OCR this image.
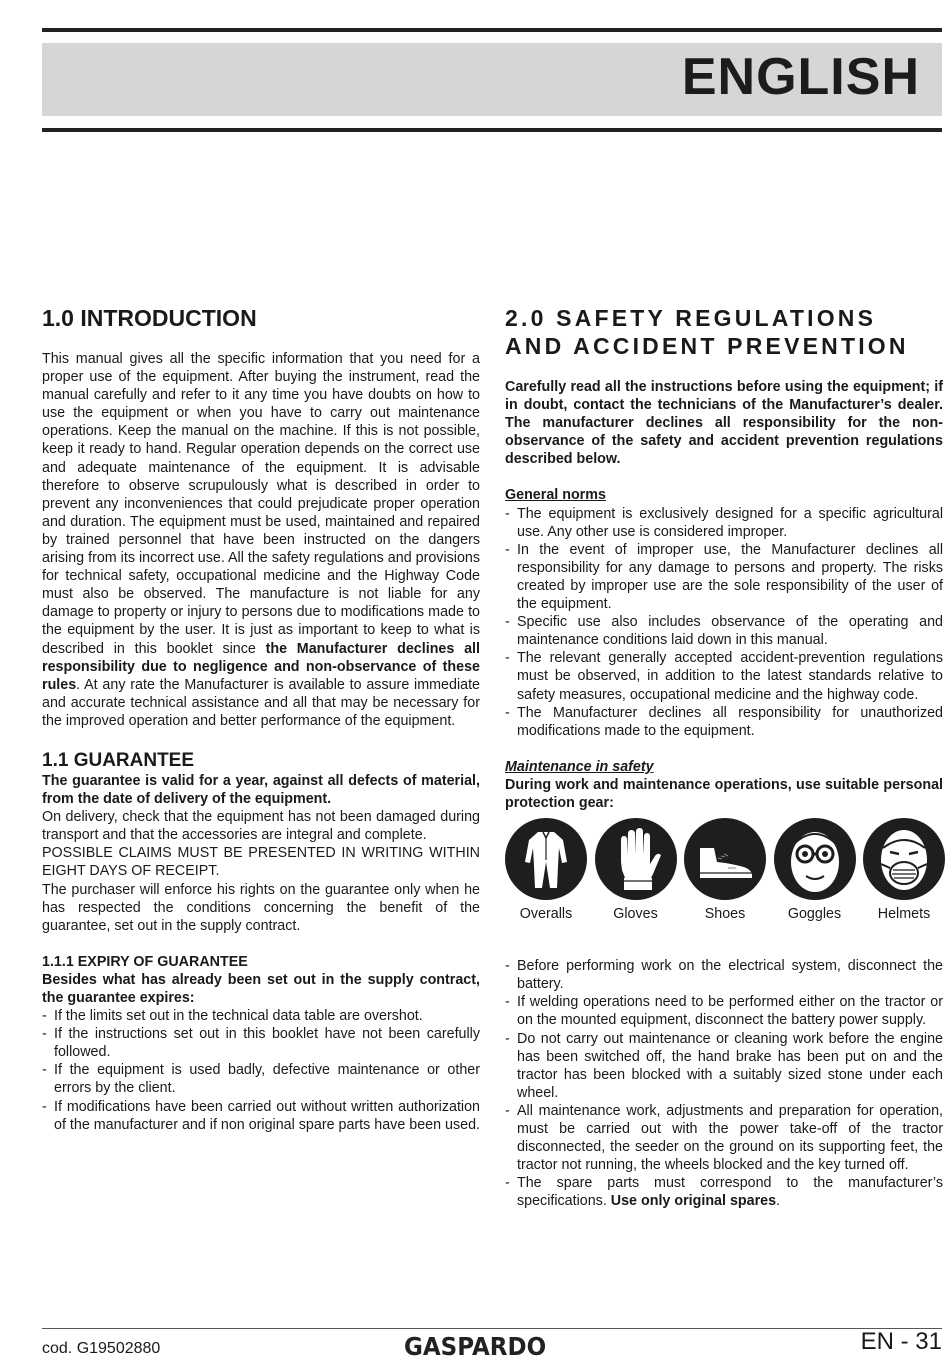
ENGLISH
1.0 INTRODUCTION

This manual gives all the specific information that you need for a proper use of the equipment. After buying the instrument, read the manual carefully and refer to it any time you have doubts on how to use the equipment or when you have to carry out maintenance operations. Keep the manual on the machine. If this is not possible, keep it ready to hand. Regular operation depends on the correct use and adequate maintenance of the equipment. It is advisable therefore to observe scrupulously what is described in order to prevent any inconveniences that could prejudicate proper operation and duration. The equipment must be used, maintained and repaired by trained personnel that have been instructed on the dangers arising from its incorrect use. All the safety regulations and provisions for technical safety, occupational medicine and the Highway Code must also be observed. The manufacture is not liable for any damage to property or injury to persons due to modifications made to the equipment by the user. It is just as important to keep to what is described in this booklet since the Manufacturer declines all responsibility due to negligence and non-observance of these rules. At any rate the Manufacturer is available to assure immediate and accurate technical assistance and all that may be necessary for the improved operation and better performance of the equipment.

1.1 GUARANTEE

The guarantee is valid for a year, against all defects of material, from the date of delivery of the equipment.

On delivery, check that the equipment has not been damaged during transport and that the accessories are integral and complete.

POSSIBLE CLAIMS MUST BE PRESENTED IN WRITING WITHIN EIGHT DAYS OF RECEIPT.

The purchaser will enforce his rights on the guarantee only when he has respected the conditions concerning the benefit of the guarantee, set out in the supply contract.

1.1.1 EXPIRY OF GUARANTEE

Besides what has already been set out in the supply contract, the guarantee expires:

- If the limits set out in the technical data table are overshot.
- If the instructions set out in this booklet have not been carefully followed.
- If the equipment is used badly, defective maintenance or other errors by the client.
- If modifications have been carried out without written authorization of the manufacturer and if non original spare parts have been used.
2.0 SAFETY REGULATIONS AND ACCIDENT PREVENTION

Carefully read all the instructions before using the equipment; if in doubt, contact the technicians of the Manufacturer’s dealer. The manufacturer declines all responsibility for the non-observance of the safety and accident prevention regulations described below.

General norms
- The equipment is exclusively designed for a specific agricultural use. Any other use is considered improper.
- In the event of improper use, the Manufacturer declines all responsibility for any damage to persons and property. The risks created by improper use are the sole responsibility of the user of the equipment.
- Specific use also includes observance of the operating and maintenance conditions laid down in this manual.
- The relevant generally accepted accident-prevention regulations must be observed, in addition to the latest standards relative to safety measures, occupational medicine and the highway code.
- The Manufacturer declines all responsibility for unauthorized modifications made to the equipment.
Maintenance in safety

During work and maintenance operations, use suitable personal protection gear:

Overalls	Gloves	Shoes	Goggles	Helmets
- Before performing work on the electrical system, disconnect the battery.
- If welding operations need to be performed either on the tractor or on the mounted equipment, disconnect the battery power supply.
- Do not carry out maintenance or cleaning work before the engine has been switched off, the hand brake has been put on and the tractor has been blocked with a suitably sized stone under each wheel.
- All maintenance work, adjustments and preparation for operation, must be carried out with the power take-off of the tractor disconnected, the seeder on the ground on its supporting feet, the tractor not running, the wheels blocked and the key turned off.
- The spare parts must correspond to the manufacturer’s specifications. Use only original spares.
cod. G19502880	GASPARDO	EN - 31
